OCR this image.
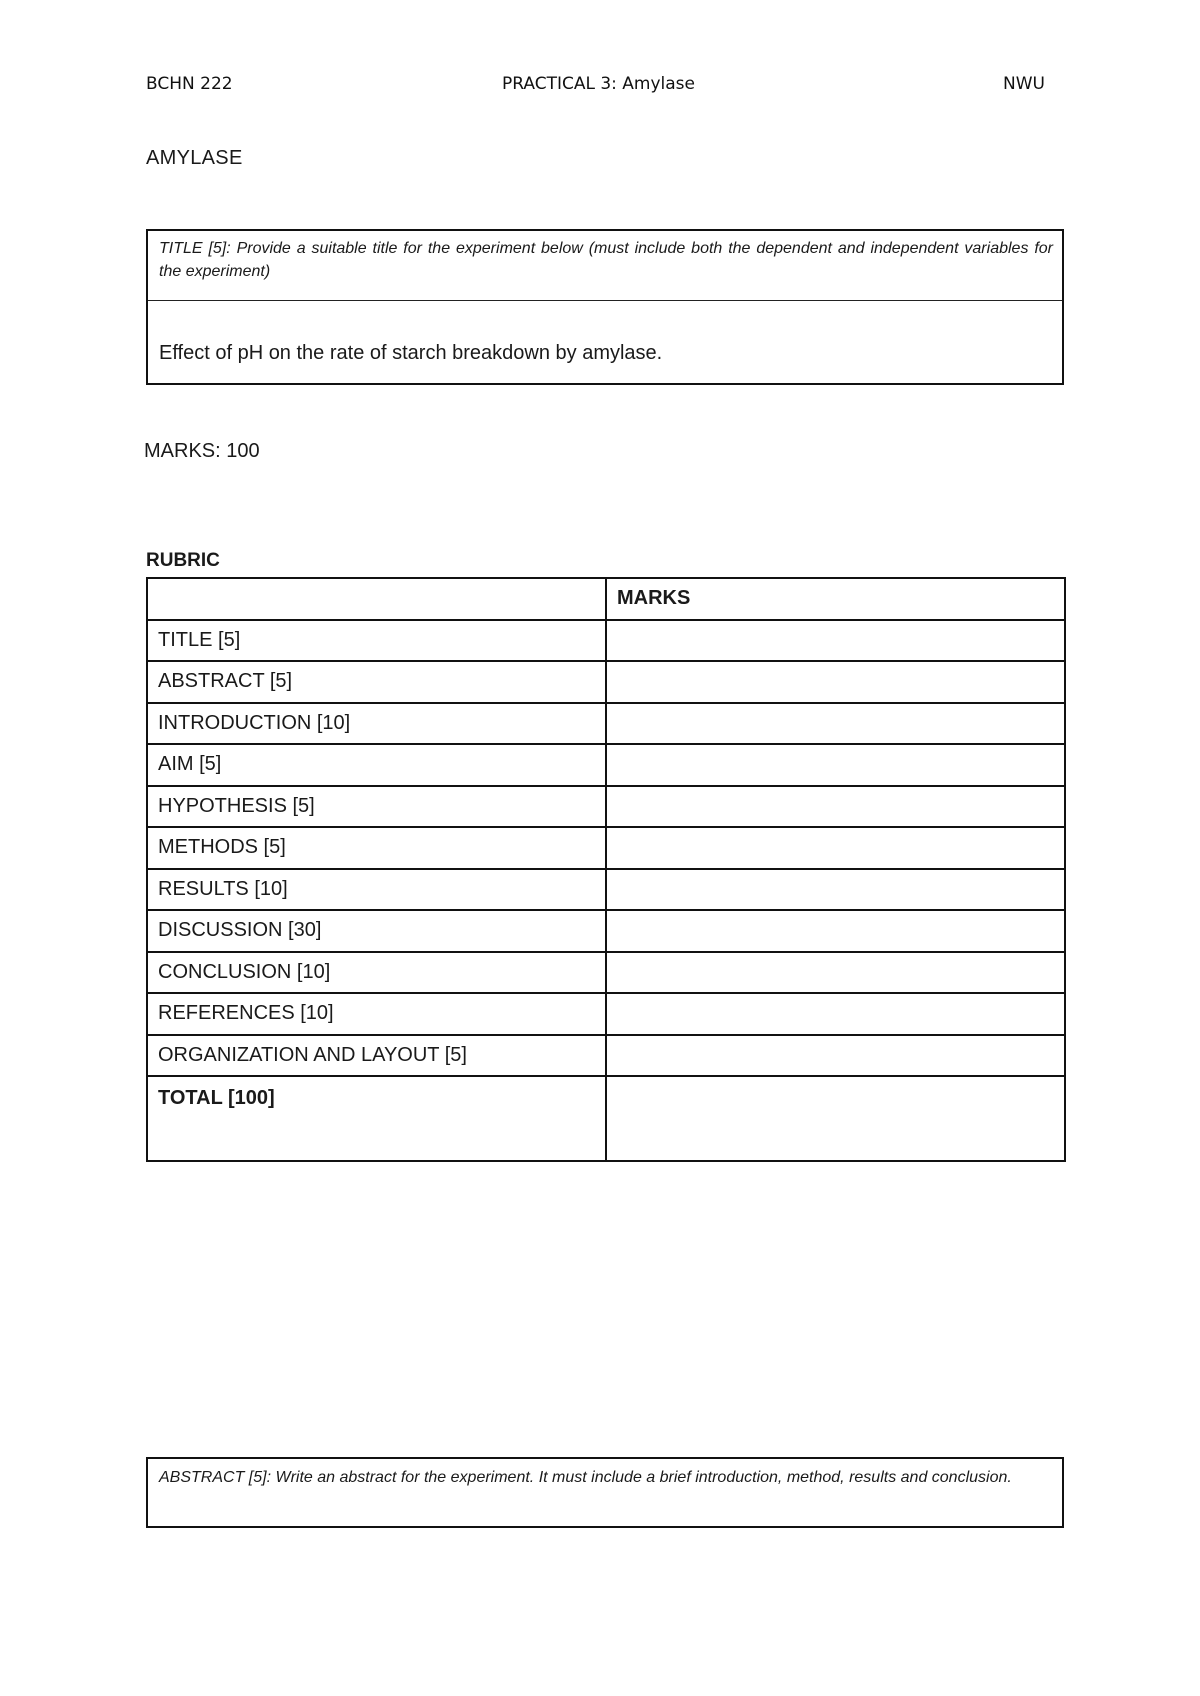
BCHN 222	PRACTICAL 3: Amylase	NWU
AMYLASE
TITLE [5]: Provide a suitable title for the experiment below (must include both the dependent and independent variables for the experiment)
Effect of pH on the rate of starch breakdown by amylase.
MARKS: 100
RUBRIC
	MARKS
TITLE [5]	
ABSTRACT [5]	
INTRODUCTION [10]	
AIM [5]	
HYPOTHESIS [5]	
METHODS [5]	
RESULTS [10]	
DISCUSSION [30]	
CONCLUSION [10]	
REFERENCES [10]	
ORGANIZATION AND LAYOUT [5]	
TOTAL [100]	
ABSTRACT [5]: Write an abstract for the experiment. It must include a brief introduction, method, results and conclusion.
